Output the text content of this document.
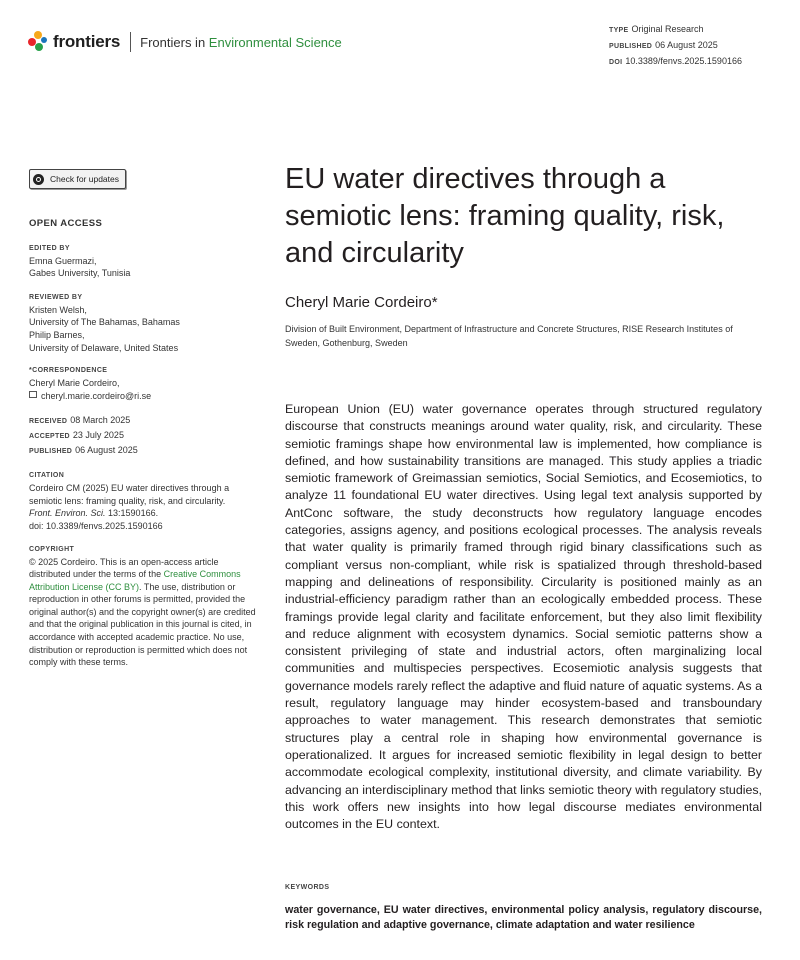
frontiers Frontiers in Environmental Science
TYPE Original Research
PUBLISHED 06 August 2025
DOI 10.3389/fenvs.2025.1590166
Check for updates
OPEN ACCESS
EDITED BY
Emna Guermazi,
Gabes University, Tunisia
REVIEWED BY
Kristen Welsh,
University of The Bahamas, Bahamas
Philip Barnes,
University of Delaware, United States
*CORRESPONDENCE
Cheryl Marie Cordeiro,
cheryl.marie.cordeiro@ri.se
RECEIVED 08 March 2025
ACCEPTED 23 July 2025
PUBLISHED 06 August 2025
CITATION
Cordeiro CM (2025) EU water directives through a semiotic lens: framing quality, risk, and circularity.
Front. Environ. Sci. 13:1590166.
doi: 10.3389/fenvs.2025.1590166
COPYRIGHT
© 2025 Cordeiro. This is an open-access article distributed under the terms of the Creative Commons Attribution License (CC BY). The use, distribution or reproduction in other forums is permitted, provided the original author(s) and the copyright owner(s) are credited and that the original publication in this journal is cited, in accordance with accepted academic practice. No use, distribution or reproduction is permitted which does not comply with these terms.
EU water directives through a semiotic lens: framing quality, risk, and circularity
Cheryl Marie Cordeiro*
Division of Built Environment, Department of Infrastructure and Concrete Structures, RISE Research Institutes of Sweden, Gothenburg, Sweden
European Union (EU) water governance operates through structured regulatory discourse that constructs meanings around water quality, risk, and circularity. These semiotic framings shape how environmental law is implemented, how compliance is defined, and how sustainability transitions are managed. This study applies a triadic semiotic framework of Greimassian semiotics, Social Semiotics, and Ecosemiotics, to analyze 11 foundational EU water directives. Using legal text analysis supported by AntConc software, the study deconstructs how regulatory language encodes categories, assigns agency, and positions ecological processes. The analysis reveals that water quality is primarily framed through rigid binary classifications such as compliant versus non-compliant, while risk is spatialized through threshold-based mapping and delineations of responsibility. Circularity is positioned mainly as an industrial-efficiency paradigm rather than an ecologically embedded process. These framings provide legal clarity and facilitate enforcement, but they also limit flexibility and reduce alignment with ecosystem dynamics. Social semiotic patterns show a consistent privileging of state and industrial actors, often marginalizing local communities and multispecies perspectives. Ecosemiotic analysis suggests that governance models rarely reflect the adaptive and fluid nature of aquatic systems. As a result, regulatory language may hinder ecosystem-based and transboundary approaches to water management. This research demonstrates that semiotic structures play a central role in shaping how environmental governance is operationalized. It argues for increased semiotic flexibility in legal design to better accommodate ecological complexity, institutional diversity, and climate variability. By advancing an interdisciplinary method that links semiotic theory with regulatory studies, this work offers new insights into how legal discourse mediates environmental outcomes in the EU context.
KEYWORDS
water governance, EU water directives, environmental policy analysis, regulatory discourse, risk regulation and adaptive governance, climate adaptation and water resilience
